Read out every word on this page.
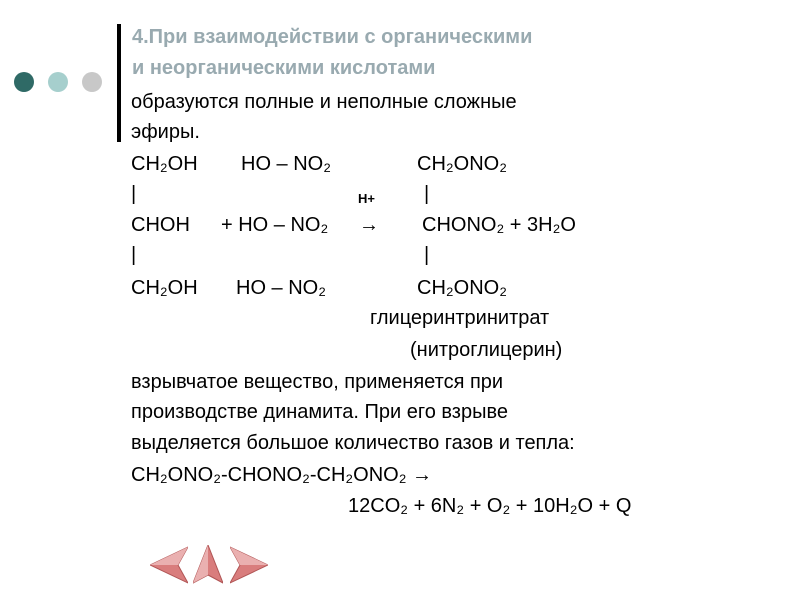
4.При взаимодействии с органическими
и неорганическими кислотами
образуются полные и неполные сложные
эфиры.
CH₂OH HO – NO₂	CH₂ONO₂
|	H+ |
CHOH + HO – NO₂ → CHONO₂ + 3H₂O
|	|
CH₂OH HO – NO₂	CH₂ONO₂
глицеринтринитрат
(нитроглицерин)
взрывчатое вещество, применяется при
производстве динамита. При его взрыве
выделяется большое количество газов и тепла:
CH₂ONO₂-CHONO₂-CH₂ONO₂ →
12CO₂ + 6N₂ + O₂ + 10H₂O + Q
